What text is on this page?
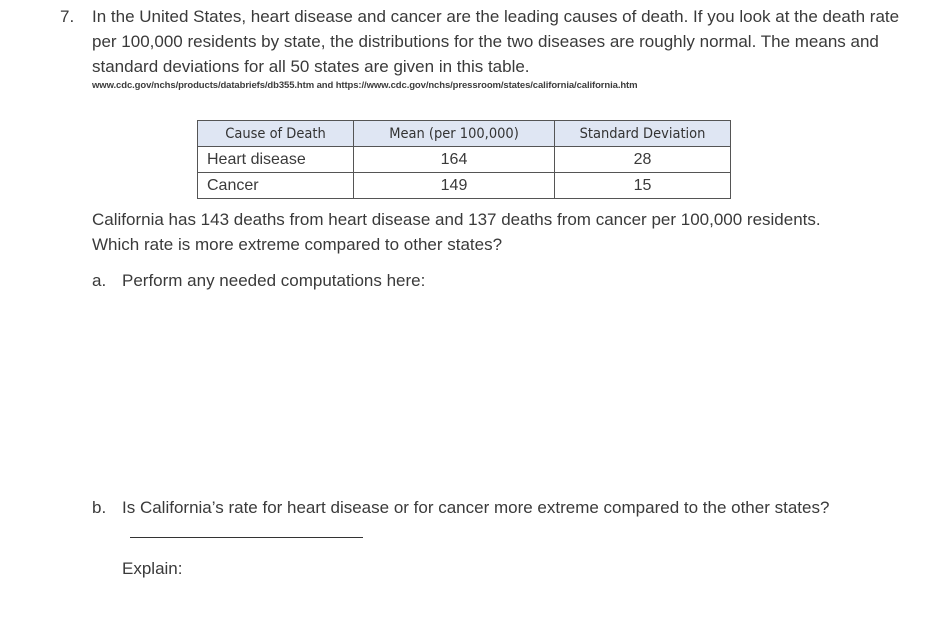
7. In the United States, heart disease and cancer are the leading causes of death. If you look at the death rate per 100,000 residents by state, the distributions for the two diseases are roughly normal. The means and standard deviations for all 50 states are given in this table.
www.cdc.gov/nchs/products/databriefs/db355.htm and https://www.cdc.gov/nchs/pressroom/states/california/california.htm
Cause of Death	Mean (per 100,000)	Standard Deviation
Heart disease	164	28
Cancer	149	15
California has 143 deaths from heart disease and 137 deaths from cancer per 100,000 residents. Which rate is more extreme compared to other states?
a. Perform any needed computations here:
b. Is California’s rate for heart disease or for cancer more extreme compared to the other states?
Explain:
